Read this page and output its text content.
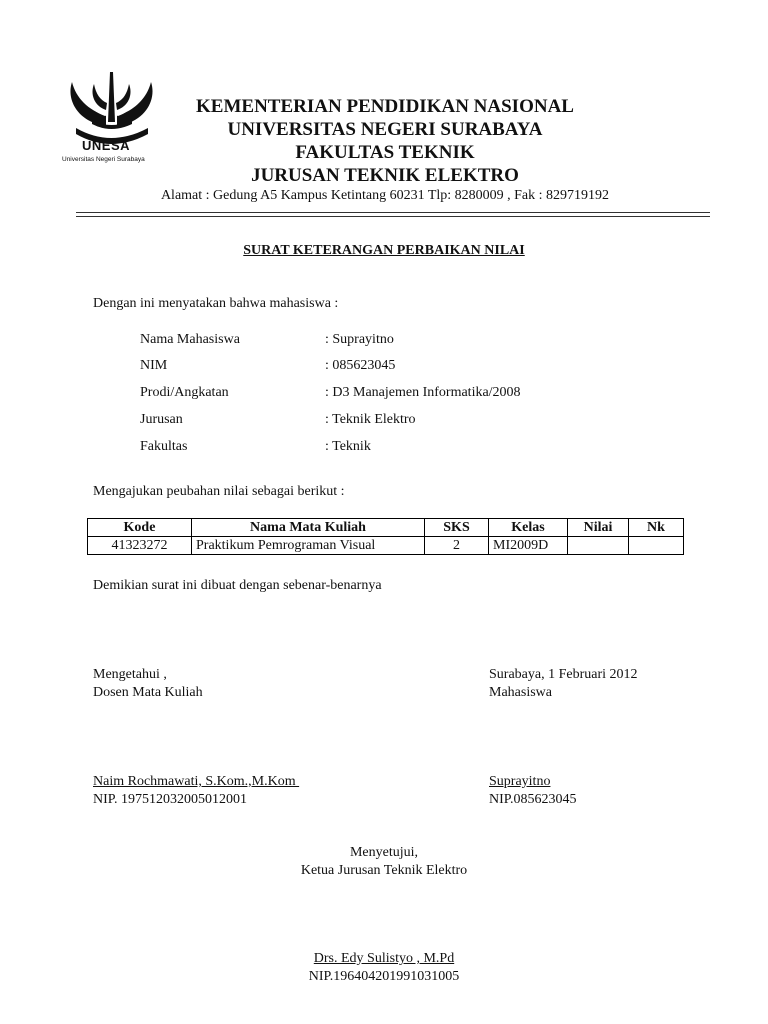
UNESA
Universitas Negeri Surabaya
KEMENTERIAN PENDIDIKAN NASIONAL
UNIVERSITAS NEGERI SURABAYA
FAKULTAS TEKNIK
JURUSAN TEKNIK ELEKTRO
Alamat : Gedung A5 Kampus Ketintang 60231 Tlp: 8280009 , Fak : 829719192
SURAT KETERANGAN PERBAIKAN NILAI
Dengan ini menyatakan bahwa mahasiswa :
Nama Mahasiswa	: Suprayitno
NIM	: 085623045
Prodi/Angkatan	: D3 Manajemen Informatika/2008
Jurusan	: Teknik Elektro
Fakultas	: Teknik
Mengajukan peubahan nilai sebagai berikut :
Kode	Nama Mata Kuliah	SKS	Kelas	Nilai	Nk
41323272	Praktikum Pemrograman Visual	2	MI2009D		
Demikian surat ini dibuat dengan sebenar-benarnya
Mengetahui ,
Dosen Mata Kuliah
Naim Rochmawati, S.Kom.,M.Kom
NIP. 197512032005012001
Surabaya, 1 Februari 2012
Mahasiswa
Suprayitno
NIP.085623045
Menyetujui,
Ketua Jurusan Teknik Elektro
Drs. Edy Sulistyo , M.Pd
NIP.196404201991031005
